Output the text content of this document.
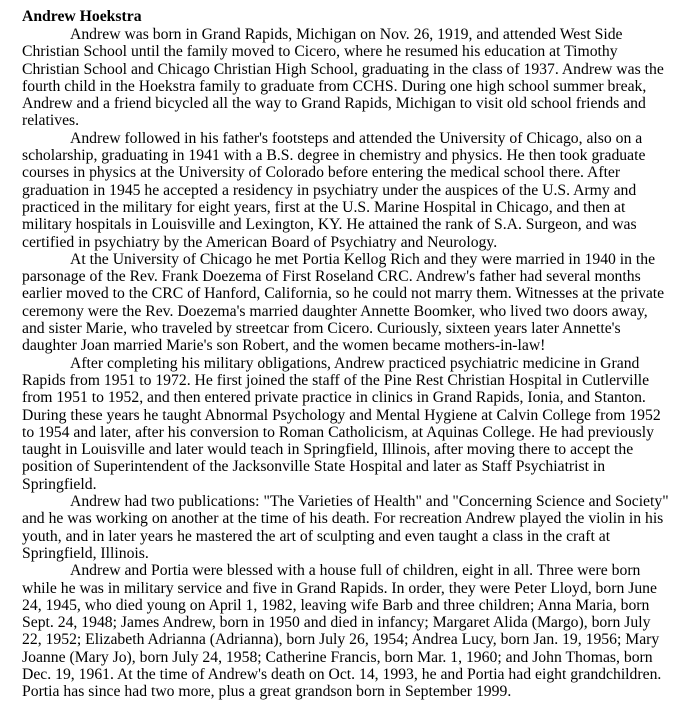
Andrew Hoekstra

Andrew was born in Grand Rapids, Michigan on Nov. 26, 1919, and attended West Side Christian School until the family moved to Cicero, where he resumed his education at Timothy Christian School and Chicago Christian High School, graduating in the class of 1937. Andrew was the fourth child in the Hoekstra family to graduate from CCHS. During one high school summer break, Andrew and a friend bicycled all the way to Grand Rapids, Michigan to visit old school friends and relatives.

Andrew followed in his father's footsteps and attended the University of Chicago, also on a scholarship, graduating in 1941 with a B.S. degree in chemistry and physics. He then took graduate courses in physics at the University of Colorado before entering the medical school there. After graduation in 1945 he accepted a residency in psychiatry under the auspices of the U.S. Army and practiced in the military for eight years, first at the U.S. Marine Hospital in Chicago, and then at military hospitals in Louisville and Lexington, KY. He attained the rank of S.A. Surgeon, and was certified in psychiatry by the American Board of Psychiatry and Neurology.

At the University of Chicago he met Portia Kellog Rich and they were married in 1940 in the parsonage of the Rev. Frank Doezema of First Roseland CRC. Andrew's father had several months earlier moved to the CRC of Hanford, California, so he could not marry them. Witnesses at the private ceremony were the Rev. Doezema's married daughter Annette Boomker, who lived two doors away, and sister Marie, who traveled by streetcar from Cicero. Curiously, sixteen years later Annette's daughter Joan married Marie's son Robert, and the women became mothers-in-law!

After completing his military obligations, Andrew practiced psychiatric medicine in Grand Rapids from 1951 to 1972. He first joined the staff of the Pine Rest Christian Hospital in Cutlerville from 1951 to 1952, and then entered private practice in clinics in Grand Rapids, Ionia, and Stanton. During these years he taught Abnormal Psychology and Mental Hygiene at Calvin College from 1952 to 1954 and later, after his conversion to Roman Catholicism, at Aquinas College. He had previously taught in Louisville and later would teach in Springfield, Illinois, after moving there to accept the position of Superintendent of the Jacksonville State Hospital and later as Staff Psychiatrist in Springfield.

Andrew had two publications: "The Varieties of Health" and "Concerning Science and Society" and he was working on another at the time of his death. For recreation Andrew played the violin in his youth, and in later years he mastered the art of sculpting and even taught a class in the craft at Springfield, Illinois.

Andrew and Portia were blessed with a house full of children, eight in all. Three were born while he was in military service and five in Grand Rapids. In order, they were Peter Lloyd, born June 24, 1945, who died young on April 1, 1982, leaving wife Barb and three children; Anna Maria, born Sept. 24, 1948; James Andrew, born in 1950 and died in infancy; Margaret Alida (Margo), born July 22, 1952; Elizabeth Adrianna (Adrianna), born July 26, 1954; Andrea Lucy, born Jan. 19, 1956; Mary Joanne (Mary Jo), born July 24, 1958; Catherine Francis, born Mar. 1, 1960; and John Thomas, born Dec. 19, 1961. At the time of Andrew's death on Oct. 14, 1993, he and Portia had eight grandchildren. Portia has since had two more, plus a great grandson born in September 1999.
